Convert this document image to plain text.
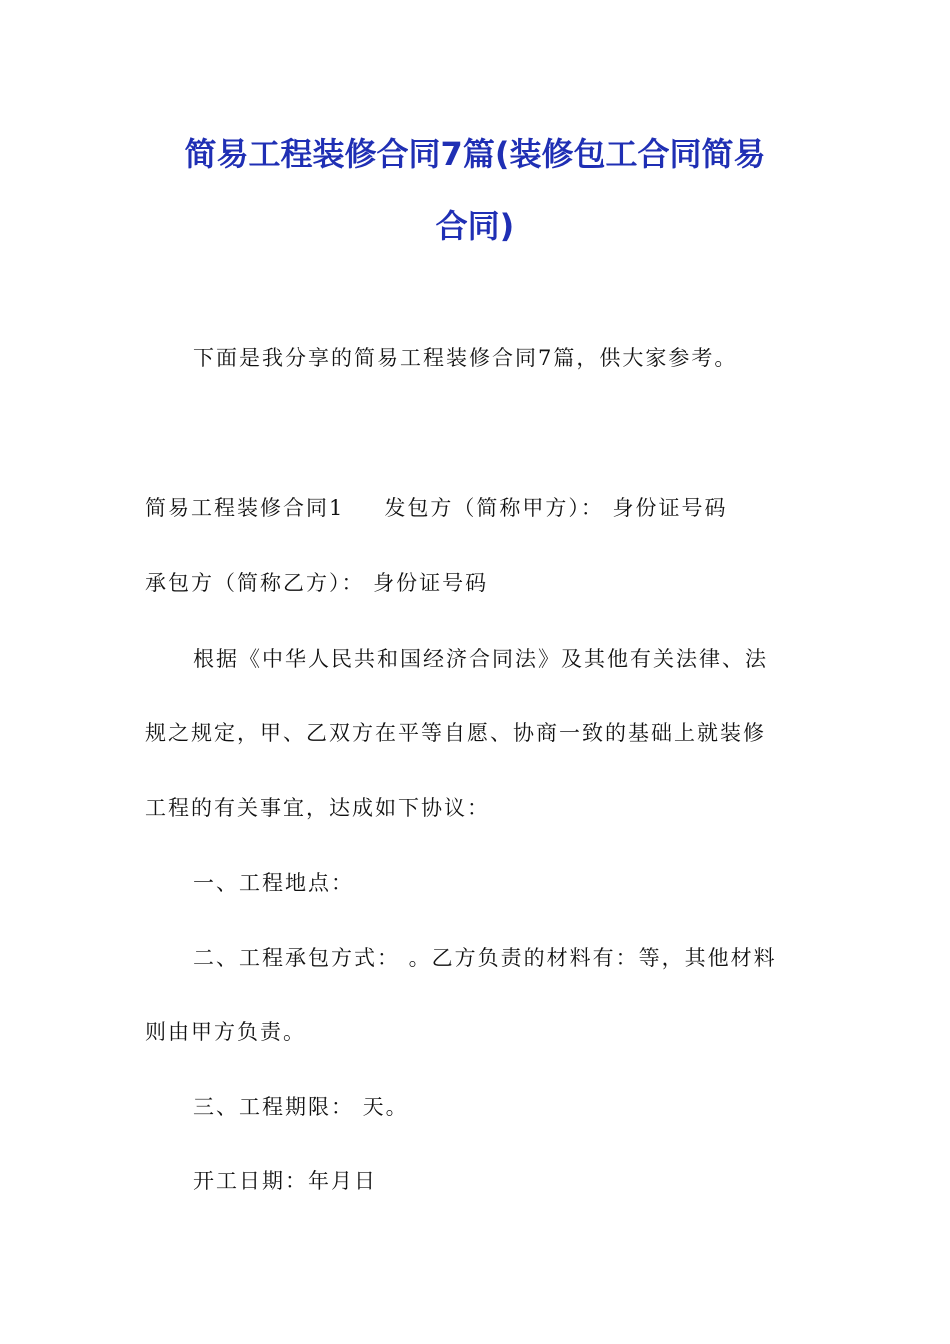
简易工程装修合同7篇(装修包工合同简易
合同)
下面是我分享的简易工程装修合同7篇，供大家参考。
简易工程装修合同1 发包方（简称甲方）： 身份证号码
承包方（简称乙方）： 身份证号码
根据《中华人民共和国经济合同法》及其他有关法律、法
规之规定，甲、乙双方在平等自愿、协商一致的基础上就装修
工程的有关事宜，达成如下协议：
一、工程地点：
二、工程承包方式： 。乙方负责的材料有：等，其他材料
则由甲方负责。
三、工程期限： 天。
开工日期：年月日
